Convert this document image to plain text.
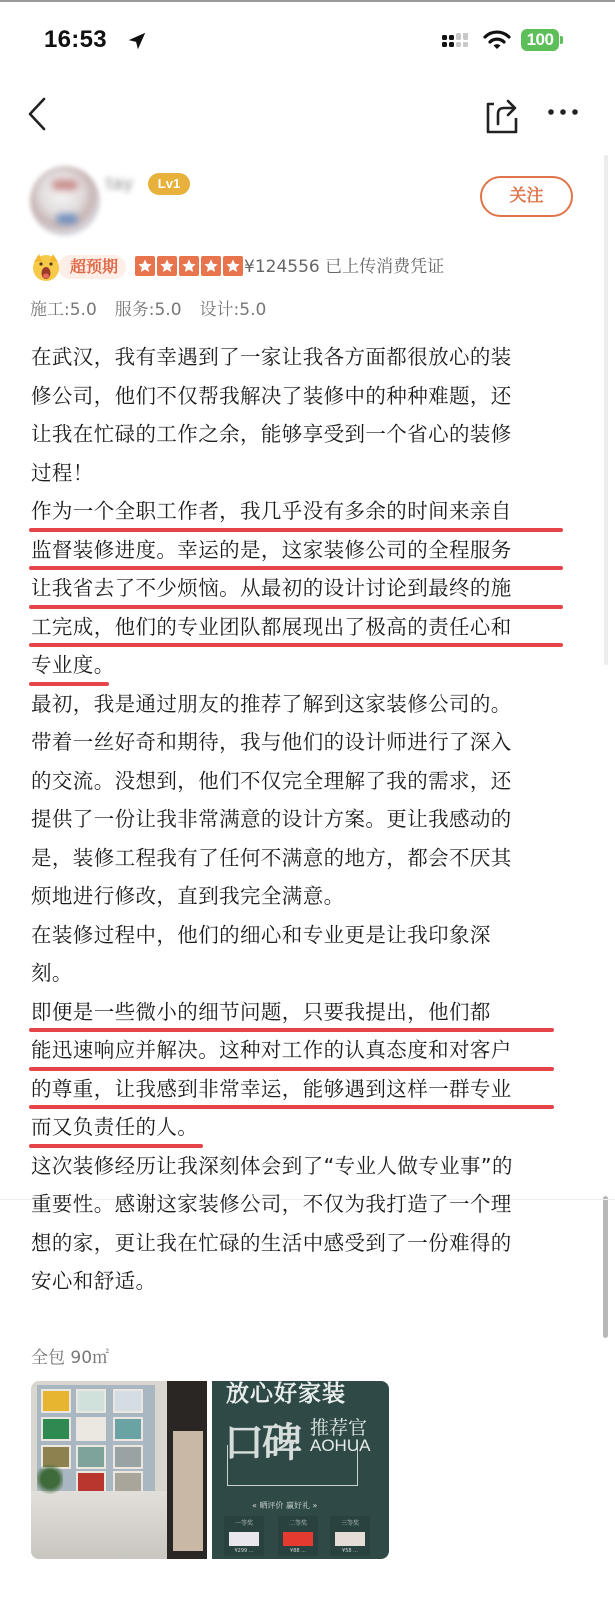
16:53	100
tay	Lv1
关注
超预期	¥124556 已上传消费凭证
施工:5.0 服务:5.0 设计:5.0
在武汉，我有幸遇到了一家让我各方面都很放心的装
修公司，他们不仅帮我解决了装修中的种种难题，还
让我在忙碌的工作之余，能够享受到一个省心的装修
过程！
作为一个全职工作者，我几乎没有多余的时间来亲自
监督装修进度。幸运的是，这家装修公司的全程服务
让我省去了不少烦恼。从最初的设计讨论到最终的施
工完成，他们的专业团队都展现出了极高的责任心和
专业度。
最初，我是通过朋友的推荐了解到这家装修公司的。
带着一丝好奇和期待，我与他们的设计师进行了深入
的交流。没想到，他们不仅完全理解了我的需求，还
提供了一份让我非常满意的设计方案。更让我感动的
是，装修工程我有了任何不满意的地方，都会不厌其
烦地进行修改，直到我完全满意。
在装修过程中，他们的细心和专业更是让我印象深
刻。
即便是一些微小的细节问题，只要我提出，他们都
能迅速响应并解决。这种对工作的认真态度和对客户
的尊重，让我感到非常幸运，能够遇到这样一群专业
而又负责任的人。
这次装修经历让我深刻体会到了“专业人做专业事”的
重要性。感谢这家装修公司，不仅为我打造了一个理
想的家，更让我在忙碌的生活中感受到了一份难得的
安心和舒适。
全包 90㎡
放心好家装
口碑 推荐官
AOHUA
« 晒评价 赢好礼 »
一等奖
¥299 ...
二等奖
¥88 ...
三等奖
¥58 ...
